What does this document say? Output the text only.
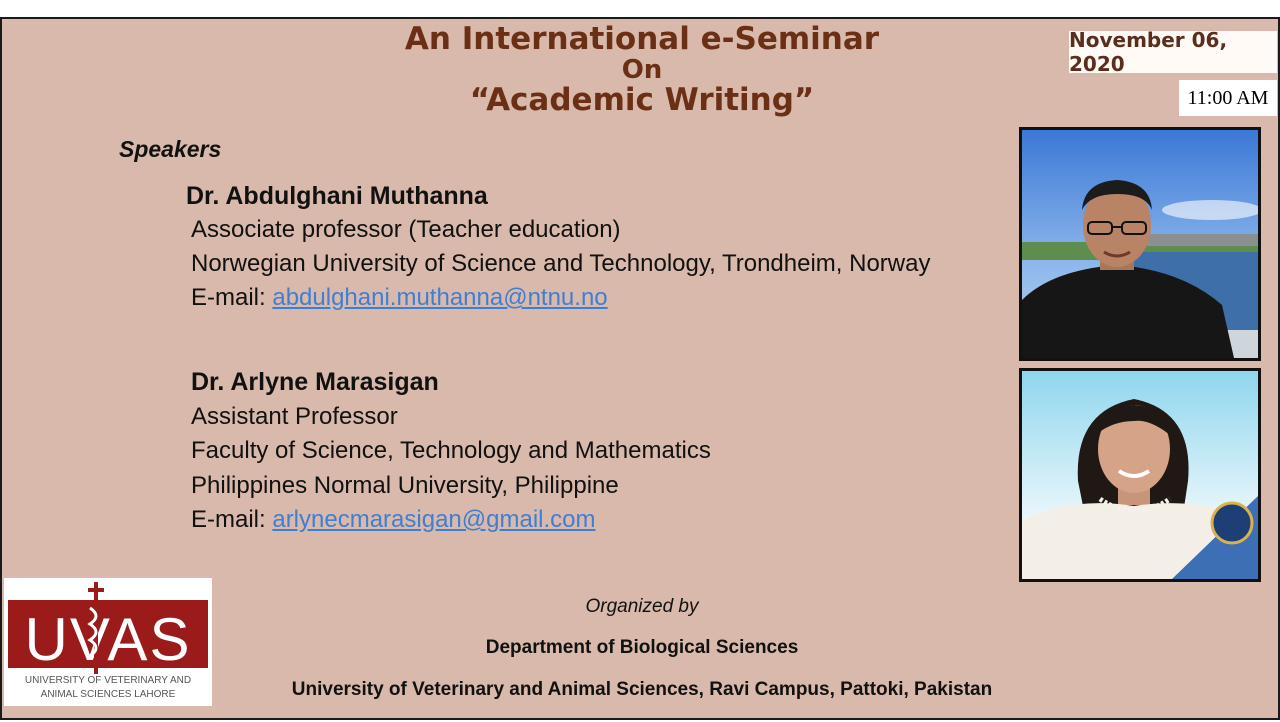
An International e-Seminar
On
“Academic Writing”
November 06, 2020
11:00 AM
Speakers
Dr. Abdulghani Muthanna
Associate professor (Teacher education)
Norwegian University of Science and Technology, Trondheim, Norway
E-mail: abdulghani.muthanna@ntnu.no
Dr. Arlyne Marasigan
Assistant Professor
Faculty of Science, Technology and Mathematics
Philippines Normal University, Philippine
E-mail: arlynecmarasigan@gmail.com
UVAS
UNIVERSITY OF VETERINARY AND
ANIMAL SCIENCES LAHORE
Organized by
Department of Biological Sciences
University of Veterinary and Animal Sciences, Ravi Campus, Pattoki, Pakistan
